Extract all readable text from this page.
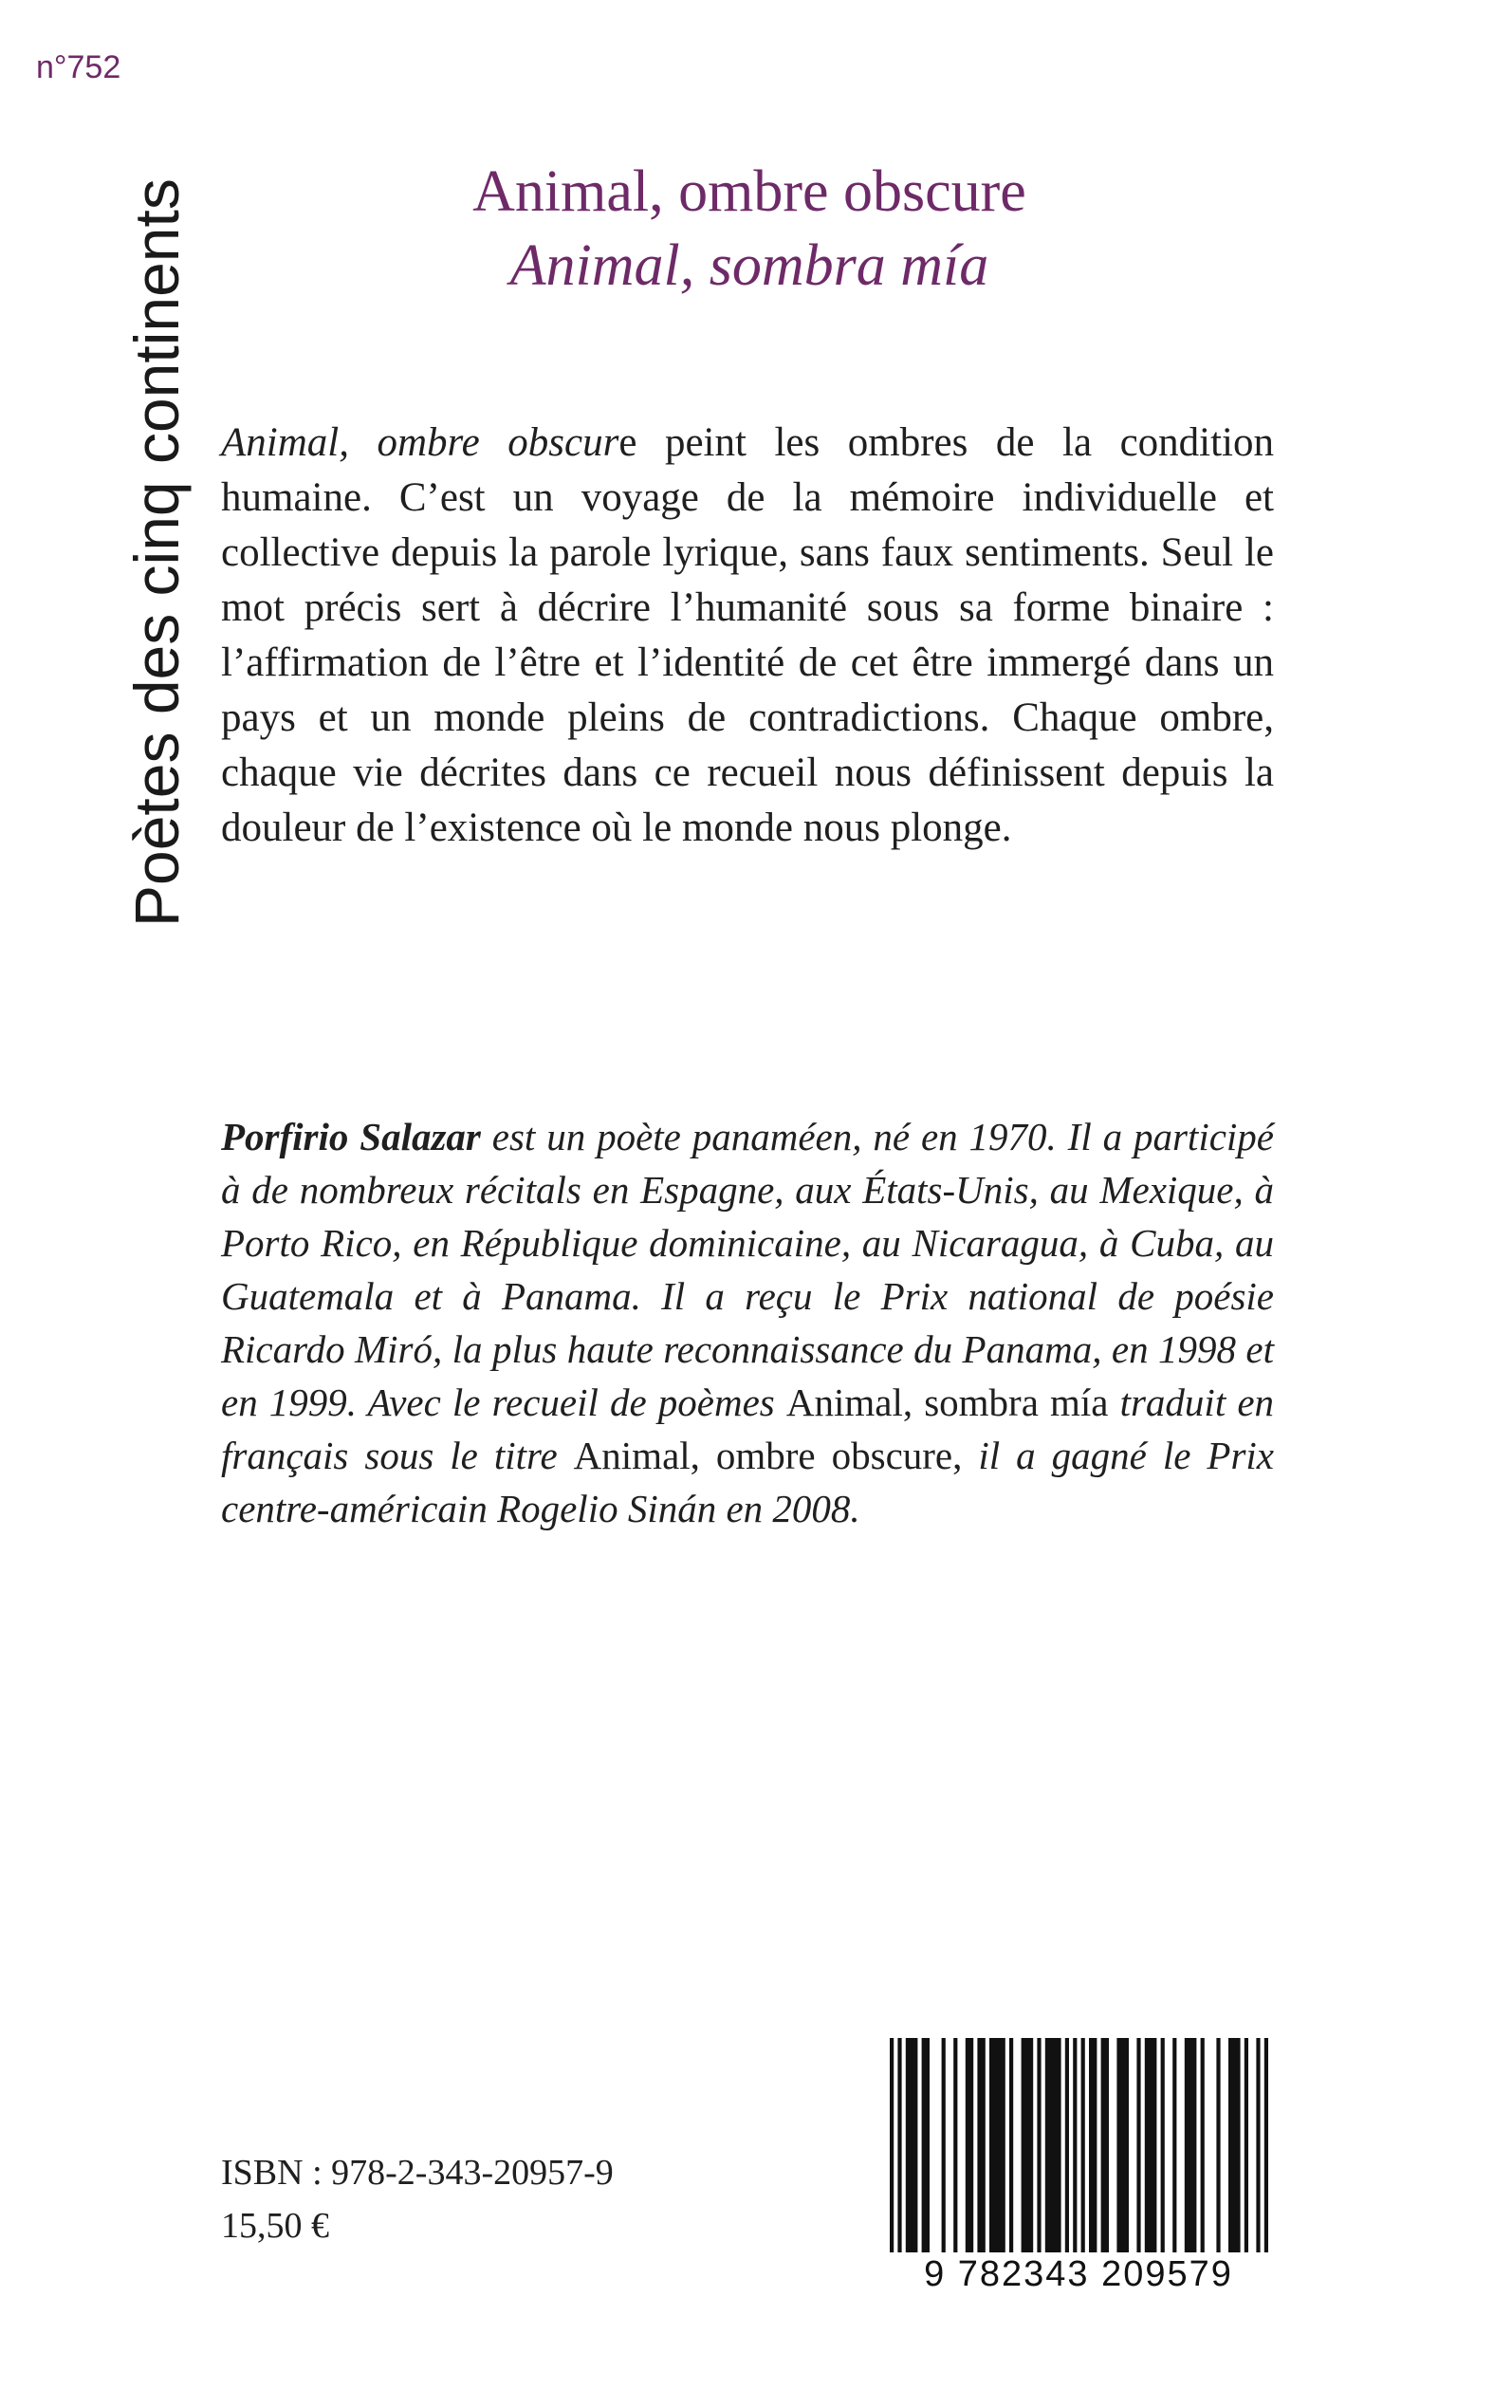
n°752
Poètes des cinq continents	Animal, ombre obscure
Animal, sombra mía
Animal, ombre obscure peint les ombres de la condition humaine. C’est un voyage de la mémoire individuelle et collective depuis la parole lyrique, sans faux sentiments. Seul le mot précis sert à décrire l’humanité sous sa forme binaire : l’affirmation de l’être et l’identité de cet être immergé dans un pays et un monde pleins de contradictions. Chaque ombre, chaque vie décrites dans ce recueil nous définissent depuis la douleur de l’existence où le monde nous plonge.
Porfirio Salazar est un poète panaméen, né en 1970. Il a participé à de nombreux récitals en Espagne, aux États-Unis, au Mexique, à Porto Rico, en République dominicaine, au Nicaragua, à Cuba, au Guatemala et à Panama. Il a reçu le Prix national de poésie Ricardo Miró, la plus haute reconnaissance du Panama, en 1998 et en 1999. Avec le recueil de poèmes Animal, sombra mía traduit en français sous le titre Animal, ombre obscure, il a gagné le Prix centre-américain Rogelio Sinán en 2008.
ISBN : 978-2-343-20957-9
15,50 €
9 782343 209579
